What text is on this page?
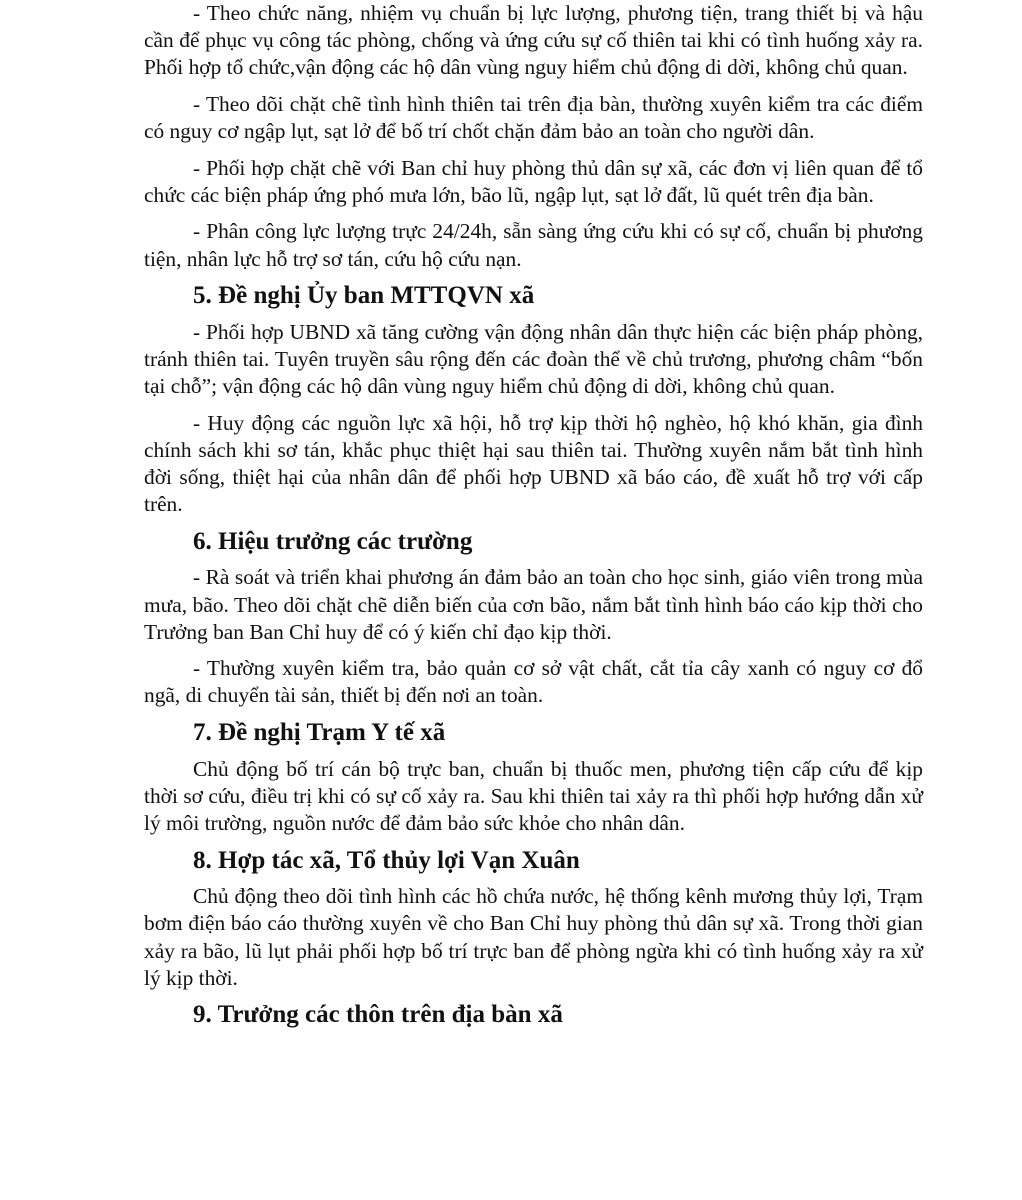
- Theo chức năng, nhiệm vụ chuẩn bị lực lượng, phương tiện, trang thiết bị và hậu cần để phục vụ công tác phòng, chống và ứng cứu sự cố thiên tai khi có tình huống xảy ra. Phối hợp tổ chức,vận động các hộ dân vùng nguy hiểm chủ động di dời, không chủ quan.

- Theo dõi chặt chẽ tình hình thiên tai trên địa bàn, thường xuyên kiểm tra các điểm có nguy cơ ngập lụt, sạt lở để bố trí chốt chặn đảm bảo an toàn cho người dân.

- Phối hợp chặt chẽ với Ban chỉ huy phòng thủ dân sự xã, các đơn vị liên quan để tổ chức các biện pháp ứng phó mưa lớn, bão lũ, ngập lụt, sạt lở đất, lũ quét trên địa bàn.

- Phân công lực lượng trực 24/24h, sẵn sàng ứng cứu khi có sự cố, chuẩn bị phương tiện, nhân lực hỗ trợ sơ tán, cứu hộ cứu nạn.

5. Đề nghị Ủy ban MTTQVN xã

- Phối hợp UBND xã tăng cường vận động nhân dân thực hiện các biện pháp phòng, tránh thiên tai. Tuyên truyền sâu rộng đến các đoàn thể về chủ trương, phương châm “bốn tại chỗ”; vận động các hộ dân vùng nguy hiểm chủ động di dời, không chủ quan.

- Huy động các nguồn lực xã hội, hỗ trợ kịp thời hộ nghèo, hộ khó khăn, gia đình chính sách khi sơ tán, khắc phục thiệt hại sau thiên tai. Thường xuyên nắm bắt tình hình đời sống, thiệt hại của nhân dân để phối hợp UBND xã báo cáo, đề xuất hỗ trợ với cấp trên.

6. Hiệu trưởng các trường

- Rà soát và triển khai phương án đảm bảo an toàn cho học sinh, giáo viên trong mùa mưa, bão. Theo dõi chặt chẽ diễn biến của cơn bão, nắm bắt tình hình báo cáo kịp thời cho Trưởng ban Ban Chỉ huy để có ý kiến chỉ đạo kịp thời.

- Thường xuyên kiểm tra, bảo quản cơ sở vật chất, cắt tỉa cây xanh có nguy cơ đổ ngã, di chuyển tài sản, thiết bị đến nơi an toàn.

7. Đề nghị Trạm Y tế xã

Chủ động bố trí cán bộ trực ban, chuẩn bị thuốc men, phương tiện cấp cứu để kịp thời sơ cứu, điều trị khi có sự cố xảy ra. Sau khi thiên tai xảy ra thì phối hợp hướng dẫn xử lý môi trường, nguồn nước để đảm bảo sức khỏe cho nhân dân.

8. Hợp tác xã, Tổ thủy lợi Vạn Xuân

Chủ động theo dõi tình hình các hồ chứa nước, hệ thống kênh mương thủy lợi, Trạm bơm điện báo cáo thường xuyên về cho Ban Chỉ huy phòng thủ dân sự xã. Trong thời gian xảy ra bão, lũ lụt phải phối hợp bố trí trực ban để phòng ngừa khi có tình huống xảy ra xử lý kịp thời.

9. Trưởng các thôn trên địa bàn xã
